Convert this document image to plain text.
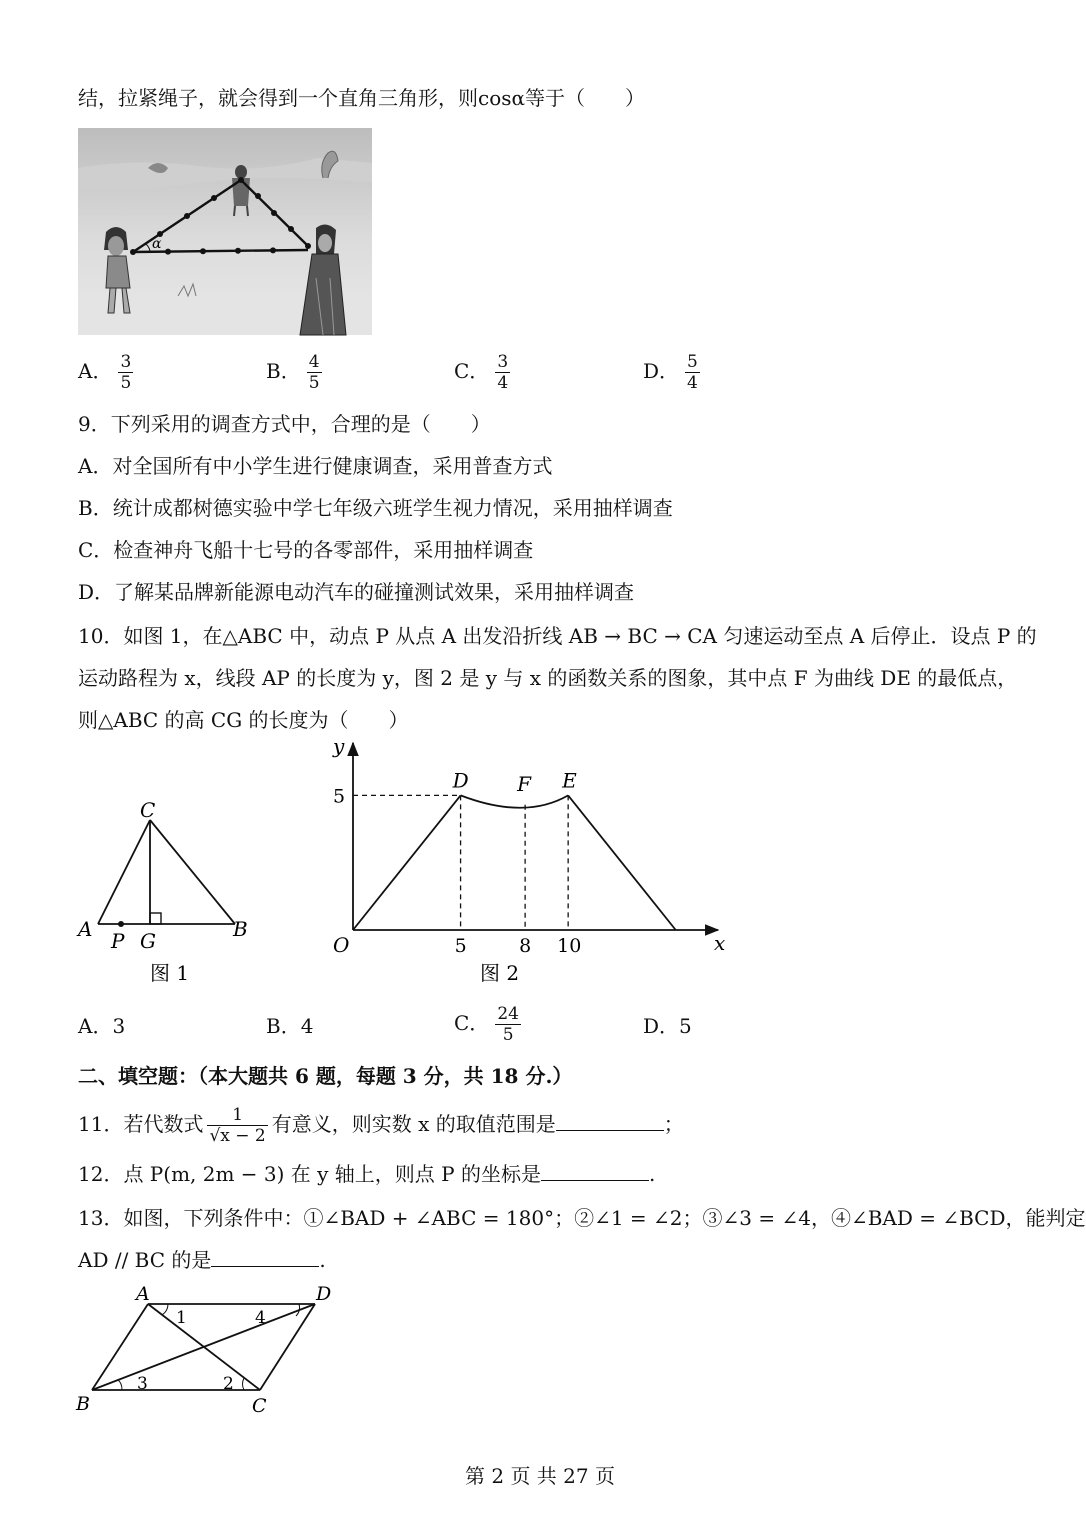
结，拉紧绳子，就会得到一个直角三角形，则cosα等于（　　）
α
A． $\frac{3}{5}$	B． $\frac{4}{5}$	C． $\frac{3}{4}$	D． $\frac{5}{4}$
9．下列采用的调查方式中，合理的是（　　）
A．对全国所有中小学生进行健康调查，采用普查方式
B．统计成都树德实验中学七年级六班学生视力情况，采用抽样调查
C．检查神舟飞船十七号的各零部件，采用抽样调查
D．了解某品牌新能源电动汽车的碰撞测试效果，采用抽样调查
10．如图 1，在△ABC 中，动点 P 从点 A 出发沿折线 AB → BC → CA 匀速运动至点 A 后停止．设点 P 的
运动路程为 x，线段 AP 的长度为 y，图 2 是 y 与 x 的函数关系的图象，其中点 F 为曲线 DE 的最低点，
则△ABC 的高 CG 的长度为（　　）
C
A	B
P G
图 1
5	8 10
5
x
y
O
D F E
图 2
A．3	B．4	C． $\frac{24}{5}$	D．5
二、填空题：（本大题共 6 题，每题 3 分，共 18 分.）
11．若代数式 $\frac{1}{√x - 2}$ 有意义，则实数 x 的取值范围是	；
12．点 P(m, 2m − 3) 在 y 轴上，则点 P 的坐标是	.
13．如图，下列条件中：①∠BAD + ∠ABC = 180°；②∠1 = ∠2；③∠3 = ∠4，④∠BAD = ∠BCD，能判定
AD // BC 的是	.
A	D
B	C
1	4
3	2
第 2 页 共 27 页
